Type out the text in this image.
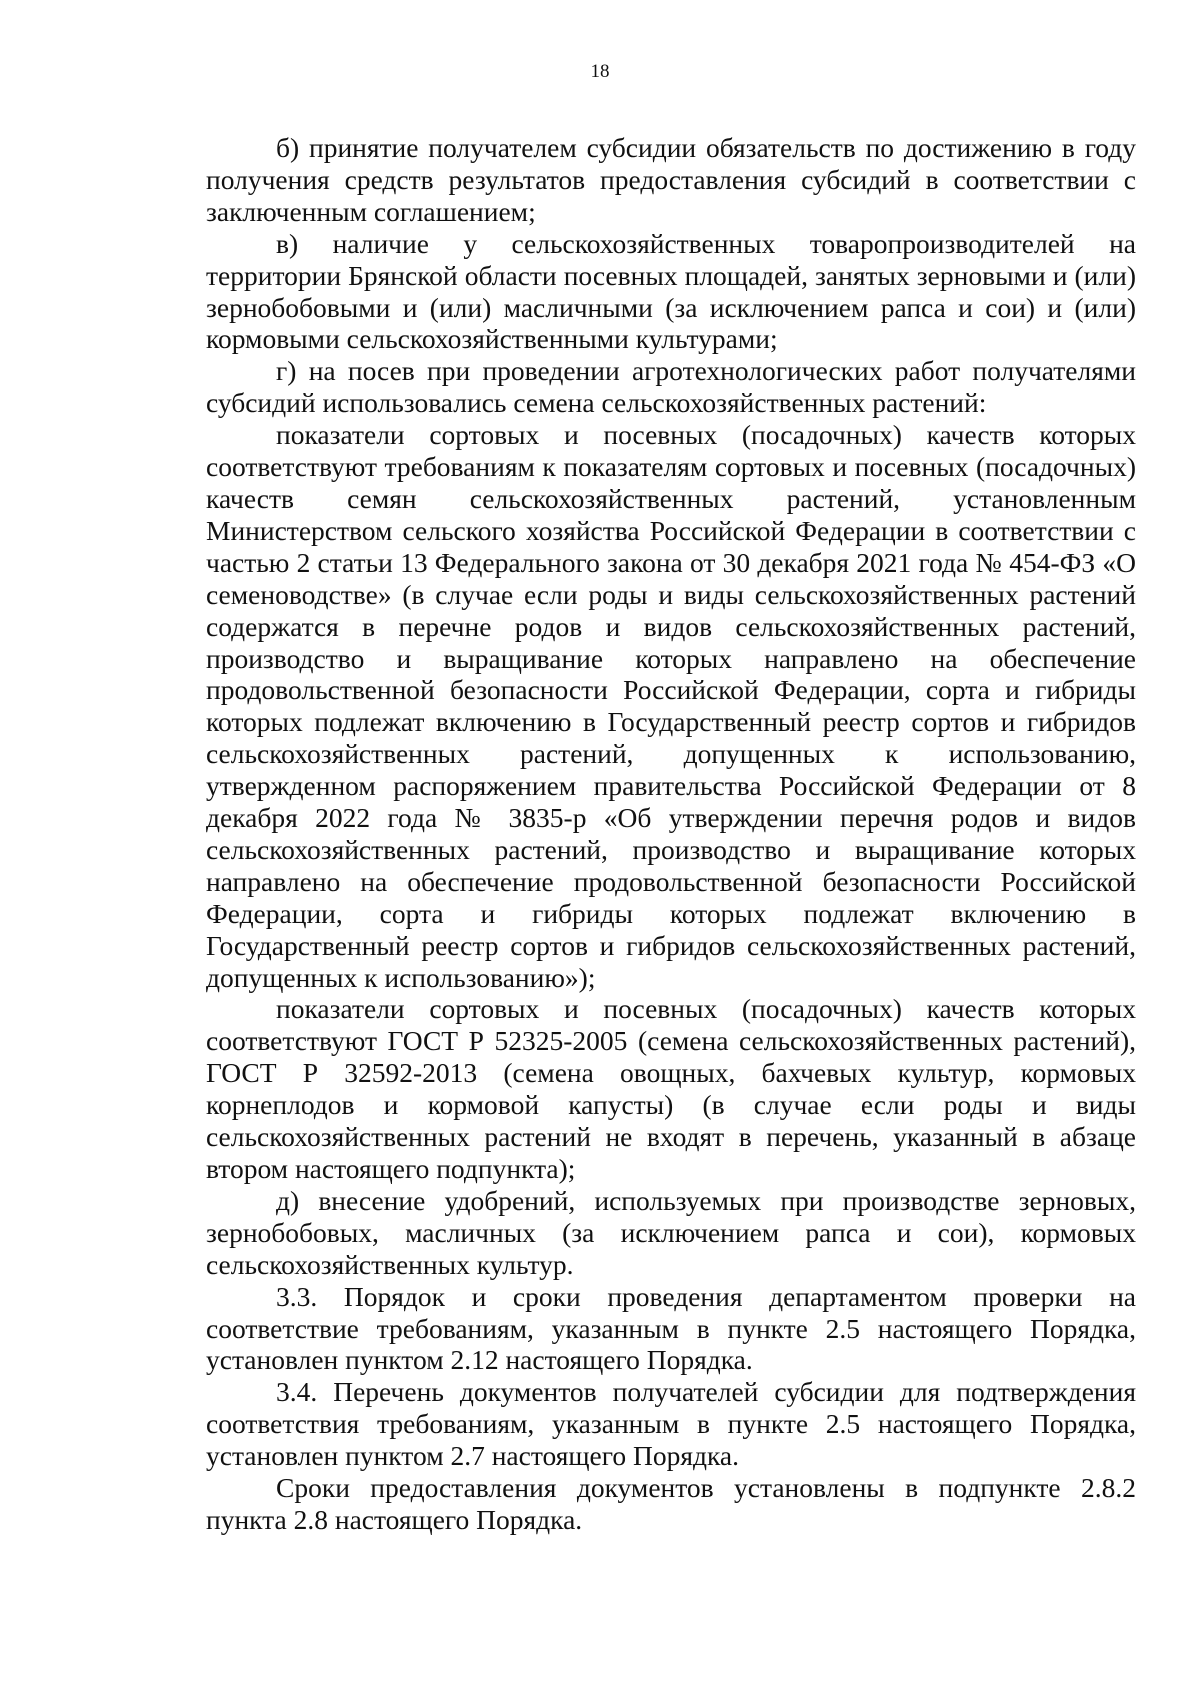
18

б) принятие получателем субсидии обязательств по достижению в году получения средств результатов предоставления субсидий в соответствии с заключенным соглашением;

в) наличие у сельскохозяйственных товаропроизводителей на территории Брянской области посевных площадей, занятых зерновыми и (или) зернобобовыми и (или) масличными (за исключением рапса и сои) и (или) кормовыми сельскохозяйственными культурами;

г) на посев при проведении агротехнологических работ получателями субсидий использовались семена сельскохозяйственных растений:

показатели сортовых и посевных (посадочных) качеств которых соответствуют требованиям к показателям сортовых и посевных (посадочных) качеств семян сельскохозяйственных растений, установленным Министерством сельского хозяйства Российской Федерации в соответствии с частью 2 статьи 13 Федерального закона от 30 декабря 2021 года № 454-ФЗ «О семеноводстве» (в случае если роды и виды сельскохозяйственных растений содержатся в перечне родов и видов сельскохозяйственных растений, производство и выращивание которых направлено на обеспечение продовольственной безопасности Российской Федерации, сорта и гибриды которых подлежат включению в Государственный реестр сортов и гибридов сельскохозяйственных растений, допущенных к использованию, утвержденном распоряжением правительства Российской Федерации от 8 декабря 2022 года № 3835-р «Об утверждении перечня родов и видов сельскохозяйственных растений, производство и выращивание которых направлено на обеспечение продовольственной безопасности Российской Федерации, сорта и гибриды которых подлежат включению в Государственный реестр сортов и гибридов сельскохозяйственных растений, допущенных к использованию»);

показатели сортовых и посевных (посадочных) качеств которых соответствуют ГОСТ Р 52325-2005 (семена сельскохозяйственных растений), ГОСТ Р 32592-2013 (семена овощных, бахчевых культур, кормовых корнеплодов и кормовой капусты) (в случае если роды и виды сельскохозяйственных растений не входят в перечень, указанный в абзаце втором настоящего подпункта);

д) внесение удобрений, используемых при производстве зерновых, зернобобовых, масличных (за исключением рапса и сои), кормовых сельскохозяйственных культур.

3.3. Порядок и сроки проведения департаментом проверки на соответствие требованиям, указанным в пункте 2.5 настоящего Порядка, установлен пунктом 2.12 настоящего Порядка.

3.4. Перечень документов получателей субсидии для подтверждения соответствия требованиям, указанным в пункте 2.5 настоящего Порядка, установлен пунктом 2.7 настоящего Порядка.

Сроки предоставления документов установлены в подпункте 2.8.2 пункта 2.8 настоящего Порядка.
